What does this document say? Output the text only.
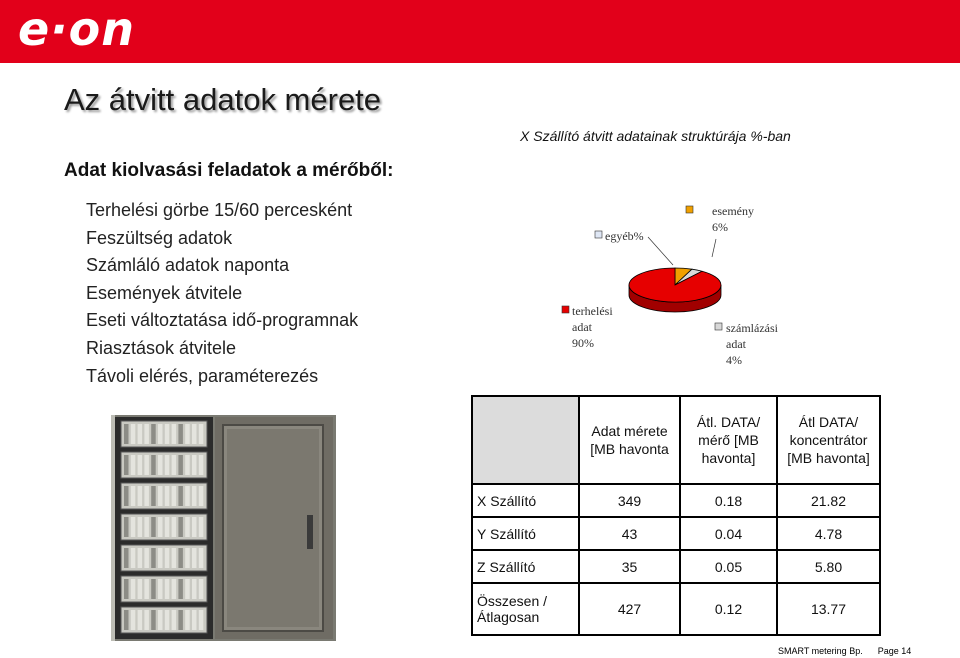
e·on
Az átvitt adatok mérete
Adat kiolvasási feladatok a mérőből:
Terhelési görbe 15/60 percesként
Feszültség adatok
Számláló adatok naponta
Események átvitele
Eseti változtatása idő-programnak
Riasztások átvitele
Távoli elérés, paraméterezés
X Szállító átvitt adatainak struktúrája %-ban
esemény
6%
egyéb%
terhelési
adat
90%
számlázási
adat
4%
	Adat mérete [MB havonta	Átl. DATA/ mérő [MB havonta]	Átl DATA/ koncentrátor [MB havonta]
X Szállító	349	0.18	21.82
Y Szállító	43	0.04	4.78
Z Szállító	35	0.05	5.80
Összesen / Átlagosan	427	0.12	13.77
SMART metering Bp. Page 14
